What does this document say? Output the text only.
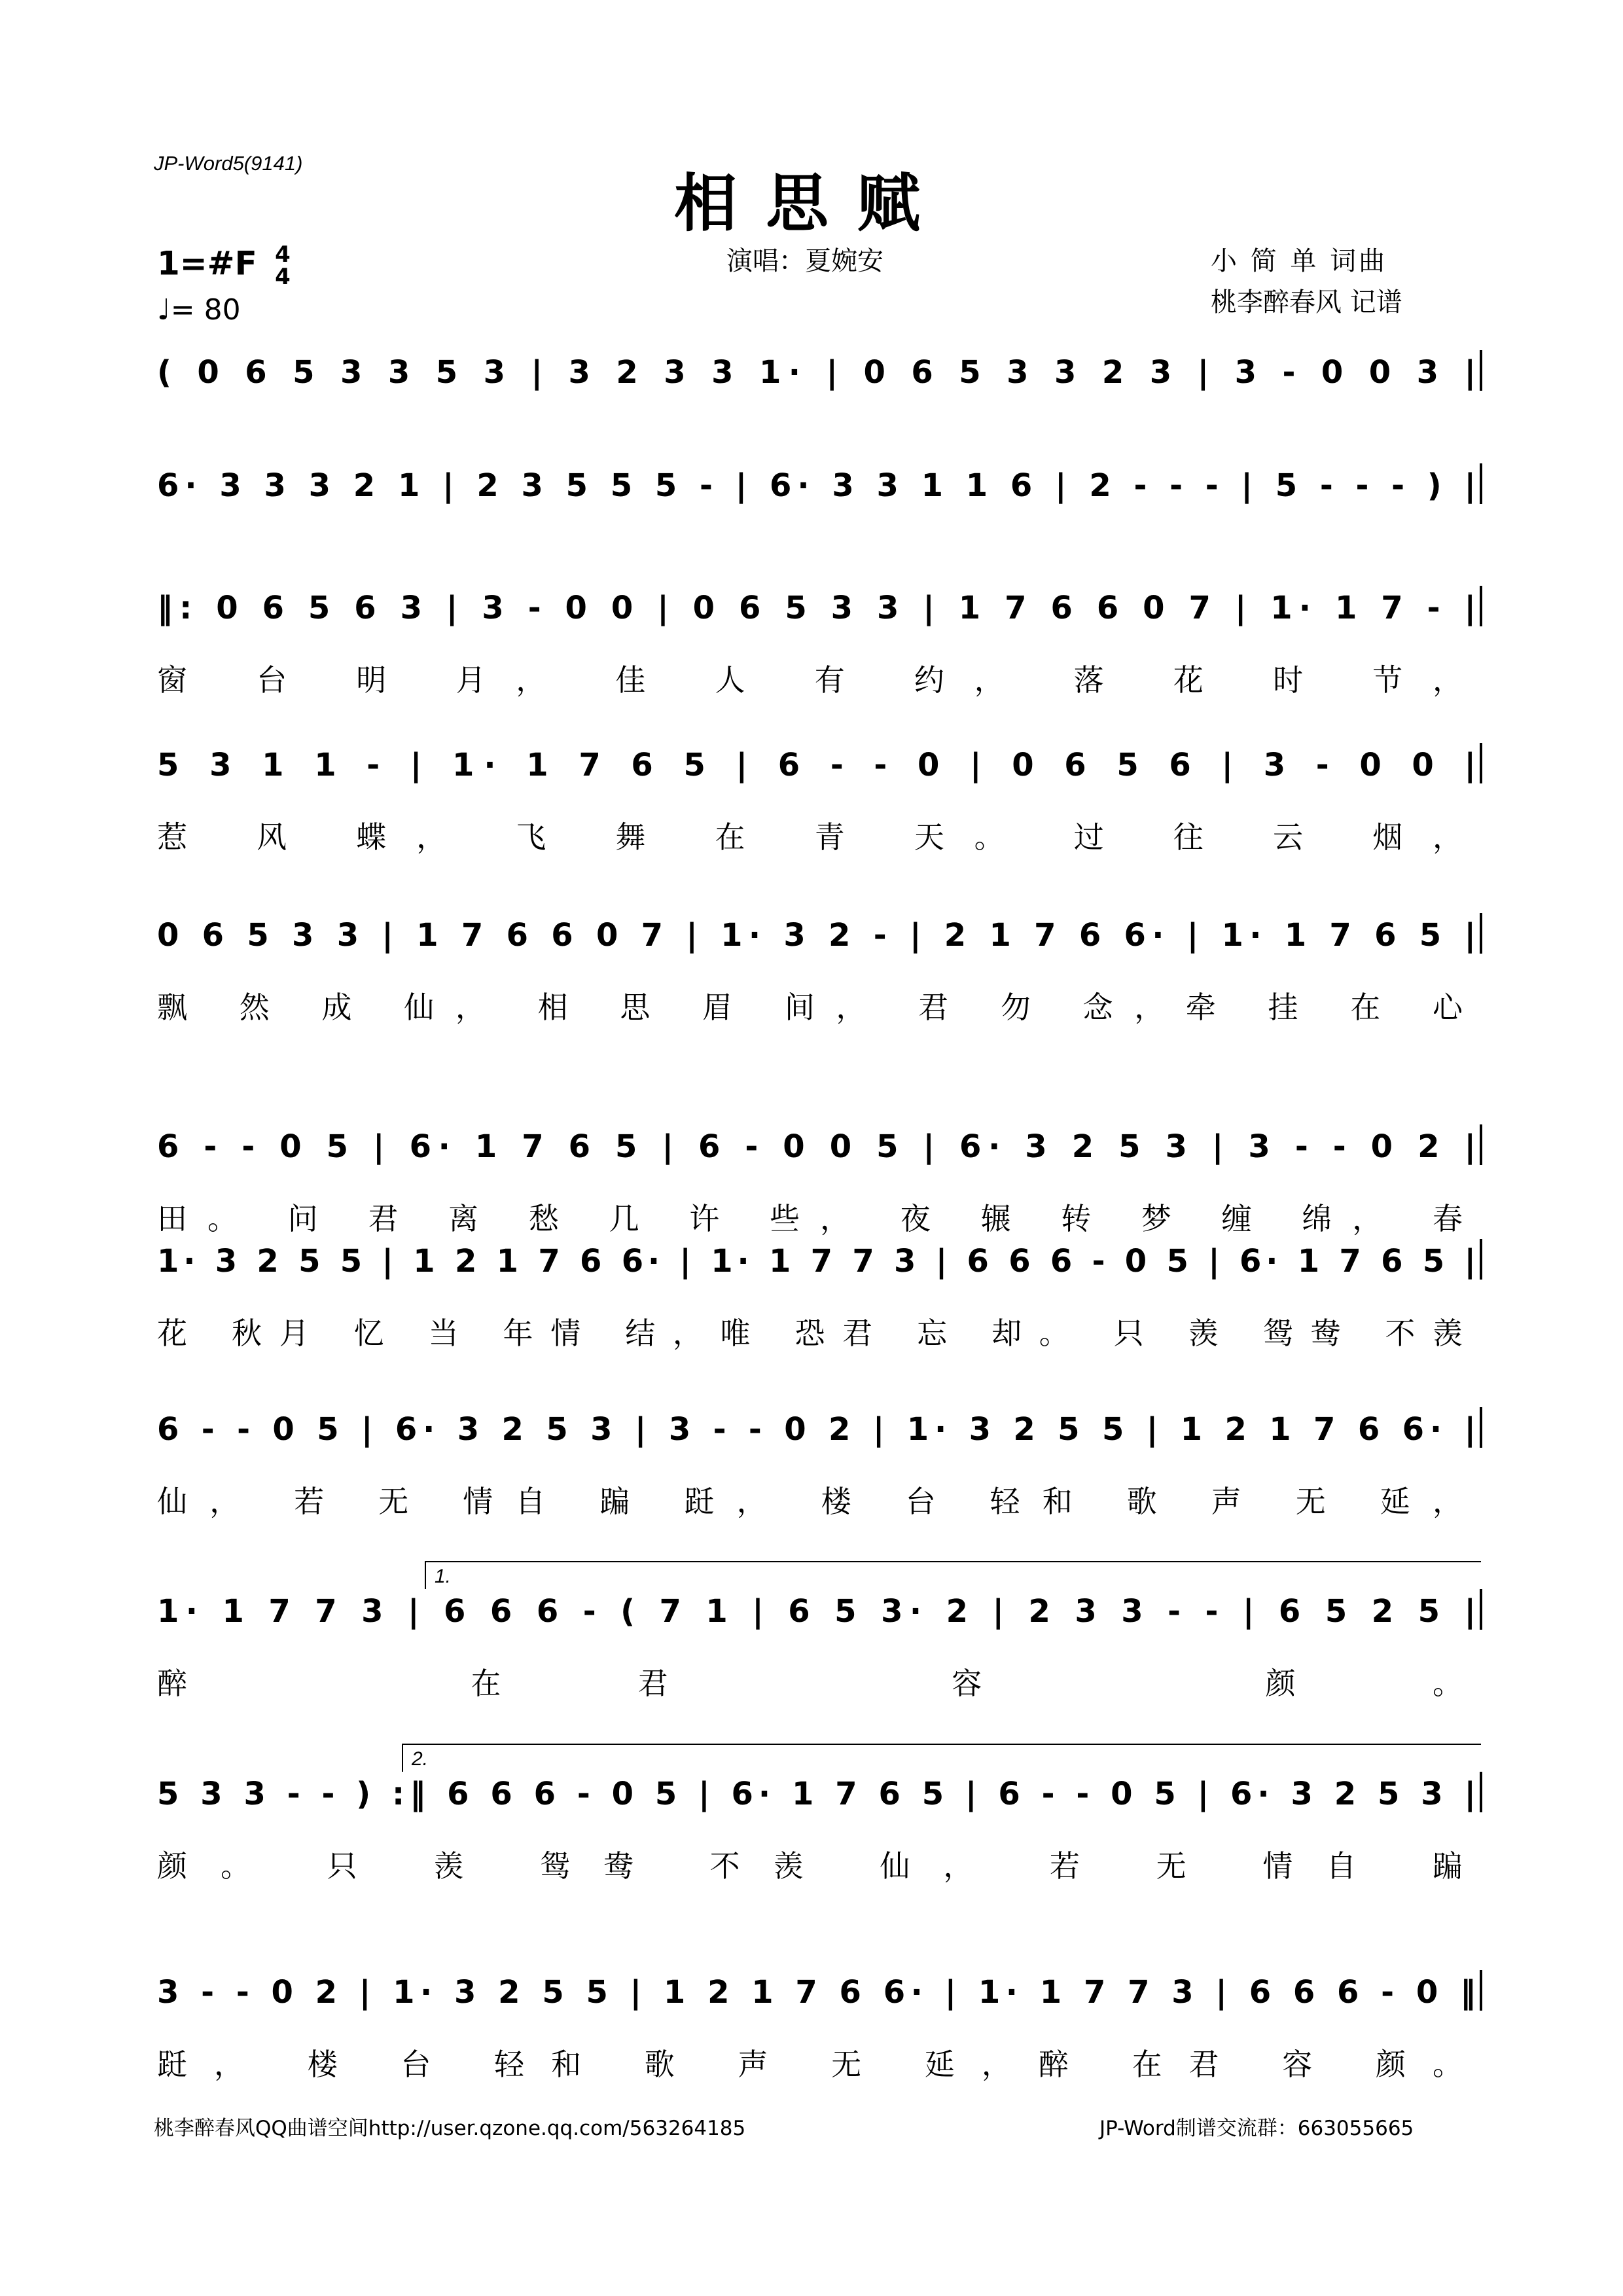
JP-Word5(9141)
相思赋
1=#F 4
4
♩= 80
演唱：夏婉安	小 简 单 词曲
桃李醉春风 记谱
( 0 6 5 3 3 5 3 | 3 2 3 3 1· | 0 6 5 3 3 2 3 | 3 - 0 0 3 |
6· 3 3 3 2 1 | 2 3 5 5 5 - | 6· 3 3 1 1 6 | 2 - - - | 5 - - - ) |
‖: 0 6 5 6 3 | 3 - 0 0 | 0 6 5 3 3 | 1 7 6 6 0 7 | 1· 1 7 - |
窗 台 明 月， 佳 人 有 约， 落 花 时 节，
5 3 1 1 - | 1· 1 7 6 5 | 6 - - 0 | 0 6 5 6 | 3 - 0 0 |
惹 风 蝶， 飞 舞 在 青 天。 过 往 云 烟，
0 6 5 3 3 | 1 7 6 6 0 7 | 1· 3 2 - | 2 1 7 6 6· | 1· 1 7 6 5 |
飘 然 成 仙， 相 思 眉 间， 君 勿 念，牵 挂 在 心
6 - - 0 5 | 6· 1 7 6 5 | 6 - 0 0 5 | 6· 3 2 5 3 | 3 - - 0 2 |
田。 问 君 离 愁 几 许 些， 夜 辗 转 梦 缠 绵， 春
1· 3 2 5 5 | 1 2 1 7 6 6· | 1· 1 7 7 3 | 6 6 6 - 0 5 | 6· 1 7 6 5 |
花 秋月 忆 当 年情 结，唯 恐君 忘 却。 只 羡 鸳鸯 不羡
6 - - 0 5 | 6· 3 2 5 3 | 3 - - 0 2 | 1· 3 2 5 5 | 1 2 1 7 6 6· |
仙， 若 无 情自 蹁 跹， 楼 台 轻和 歌 声 无 延，
1· 1 7 7 3 | 6 6 6 - ( 7 1 | 6 5 3· 2 | 2 3 3 - - | 6 5 2 5 |
1.
醉 在君 容 颜。
5 3 3 - - ) :‖ 6 6 6 - 0 5 | 6· 1 7 6 5 | 6 - - 0 5 | 6· 3 2 5 3 |
2.
颜。 只 羡 鸳鸯 不羡 仙， 若 无 情自 蹁
3 - - 0 2 | 1· 3 2 5 5 | 1 2 1 7 6 6· | 1· 1 7 7 3 | 6 6 6 - 0 ‖
跹， 楼 台 轻和 歌 声 无 延，醉 在君 容 颜。
桃李醉春风QQ曲谱空间http://user.qzone.qq.com/563264185	JP-Word制谱交流群：663055665
